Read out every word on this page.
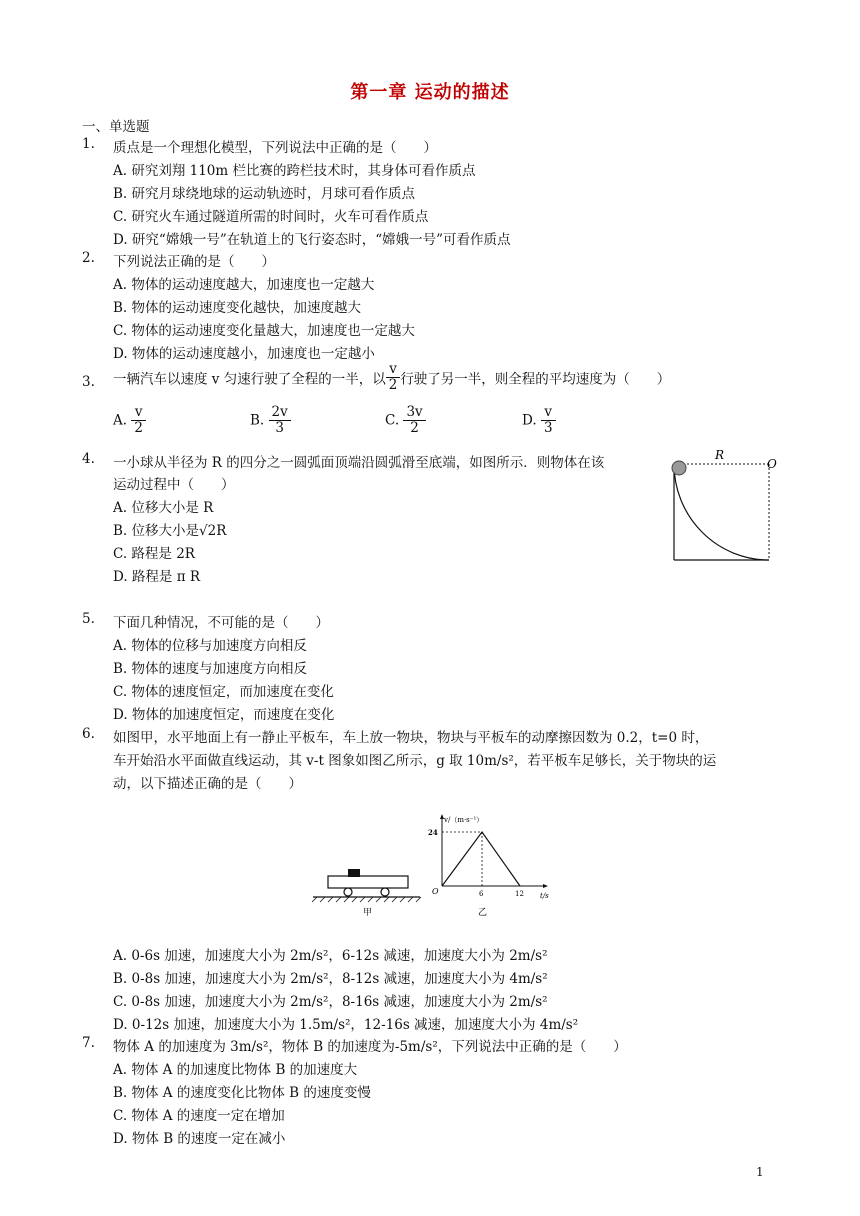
第一章 运动的描述
一、单选题
1. 质点是一个理想化模型，下列说法中正确的是（　　）
A. 研究刘翔 110m 栏比赛的跨栏技术时，其身体可看作质点
B. 研究月球绕地球的运动轨迹时，月球可看作质点
C. 研究火车通过隧道所需的时间时，火车可看作质点
D. 研究“嫦娥一号”在轨道上的飞行姿态时，“嫦娥一号”可看作质点
2. 下列说法正确的是（　　）
A. 物体的运动速度越大，加速度也一定越大
B. 物体的运动速度变化越快，加速度越大
C. 物体的运动速度变化量越大，加速度也一定越大
D. 物体的运动速度越小，加速度也一定越小
3. 一辆汽车以速度 v 匀速行驶了全程的一半，以 $\frac{v}{2}$ 行驶了另一半，则全程的平均速度为（　　）
A. $\frac{v}{2}$	B. $\frac{2v}{3}$	C. $\frac{3v}{2}$	D. $\frac{v}{3}$
4. 一小球从半径为 R 的四分之一圆弧面顶端沿圆弧滑至底端，如图所示．则物体在该
运动过程中（　　）
A. 位移大小是 R
B. 位移大小是√2R
C. 路程是 2R
D. 路程是 π R
R
O
5. 下面几种情况，不可能的是（　　）
A. 物体的位移与加速度方向相反
B. 物体的速度与加速度方向相反
C. 物体的速度恒定，而加速度在变化
D. 物体的加速度恒定，而速度在变化
6. 如图甲，水平地面上有一静止平板车，车上放一物块，物块与平板车的动摩擦因数为 0.2，t=0 时，
车开始沿水平面做直线运动，其 v-t 图象如图乙所示，g 取 10m/s²，若平板车足够长，关于物块的运
动，以下描述正确的是（　　）
甲
v/（m·s⁻¹）
24
O	6	12 t/s
乙
A. 0-6s 加速，加速度大小为 2m/s²，6-12s 减速，加速度大小为 2m/s²
B. 0-8s 加速，加速度大小为 2m/s²，8-12s 减速，加速度大小为 4m/s²
C. 0-8s 加速，加速度大小为 2m/s²，8-16s 减速，加速度大小为 2m/s²
D. 0-12s 加速，加速度大小为 1.5m/s²，12-16s 减速，加速度大小为 4m/s²
7. 物体 A 的加速度为 3m/s²，物体 B 的加速度为-5m/s²，下列说法中正确的是（　　）
A. 物体 A 的加速度比物体 B 的加速度大
B. 物体 A 的速度变化比物体 B 的速度变慢
C. 物体 A 的速度一定在增加
D. 物体 B 的速度一定在减小
1
